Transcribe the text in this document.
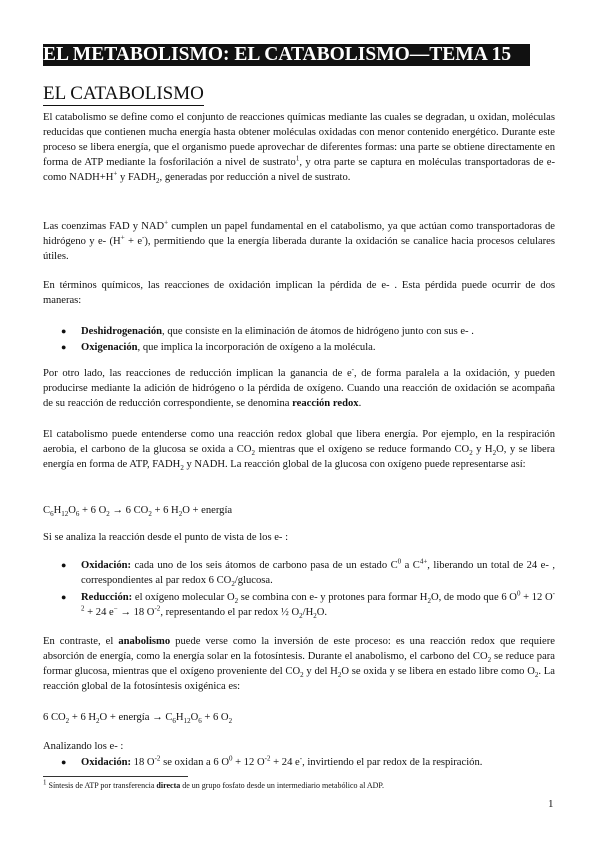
EL METABOLISMO: EL CATABOLISMO—TEMA 15
EL CATABOLISMO

El catabolismo se define como el conjunto de reacciones químicas mediante las cuales se degradan, u oxidan, moléculas reducidas que contienen mucha energía hasta obtener moléculas oxidadas con menor contenido energético. Durante este proceso se libera energía, que el organismo puede aprovechar de diferentes formas: una parte se obtiene directamente en forma de ATP mediante la fosforilación a nivel de sustrato$^1$, y otra parte se captura en moléculas transportadoras de e- como NADH+H+ y $FADH_2$, generadas por reducción a nivel de sustrato.

Las coenzimas FAD y NAD+ cumplen un papel fundamental en el catabolismo, ya que actúan como transportadoras de hidrógeno y e- (H+ + e-), permitiendo que la energía liberada durante la oxidación se canalice hacia procesos celulares útiles.

En términos químicos, las reacciones de oxidación implican la pérdida de e- . Esta pérdida puede ocurrir de dos maneras:

● Deshidrogenación, que consiste en la eliminación de átomos de hidrógeno junto con sus e- .
● Oxigenación, que implica la incorporación de oxígeno a la molécula.

Por otro lado, las reacciones de reducción implican la ganancia de e-, de forma paralela a la oxidación, y pueden producirse mediante la adición de hidrógeno o la pérdida de oxígeno. Cuando una reacción de oxidación se acompaña de su reacción de reducción correspondiente, se denomina reacción redox.

El catabolismo puede entenderse como una reacción redox global que libera energía. Por ejemplo, en la respiración aerobia, el carbono de la glucosa se oxida a $CO_2$ mientras que el oxígeno se reduce formando $CO_2$ y $H_2O$, y se libera energía en forma de ATP, $FADH_2$ y NADH. La reacción global de la glucosa con oxígeno puede representarse así:

$C_6H_{12}O_6 + 6$ $O_2 \to 6$ $CO_2 + 6$ $H_2O$ + energía

Si se analiza la reacción desde el punto de vista de los e- :

● Oxidación: cada uno de los seis átomos de carbono pasa de un estado $C^0$ a $C^{4+}$, liberando un total de 24 e- , correspondientes al par redox 6 $CO_2$/glucosa.
● Reducción: el oxígeno molecular $O_2$ se combina con e- y protones para formar $H_2O$, de modo que 6 $O^0 + 12$ $O^{-2} + 24$ e− → 18 $O^{-2}$, representando el par redox ½ $O_2/H_2O$.

En contraste, el anabolismo puede verse como la inversión de este proceso: es una reacción redox que requiere absorción de energía, como la energía solar en la fotosíntesis. Durante el anabolismo, el carbono del $CO_2$ se reduce para formar glucosa, mientras que el oxígeno proveniente del $CO_2$ y del $H_2O$ se oxida y se libera en estado libre como $O_2$. La reacción global de la fotosíntesis oxigénica es:

6 $CO_2 + 6$ $H_2O$ + energía → $C_6H_{12}O_6 + 6$ $O_2$

Analizando los e- :

● Oxidación: 18 $O^{-2}$ se oxidan a 6 $O^0 + 12$ $O^{-2} + 24$ e-, invirtiendo el par redox de la respiración.
$^1$ Síntesis de ATP por transferencia directa de un grupo fosfato desde un intermediario metabólico al ADP.
1
